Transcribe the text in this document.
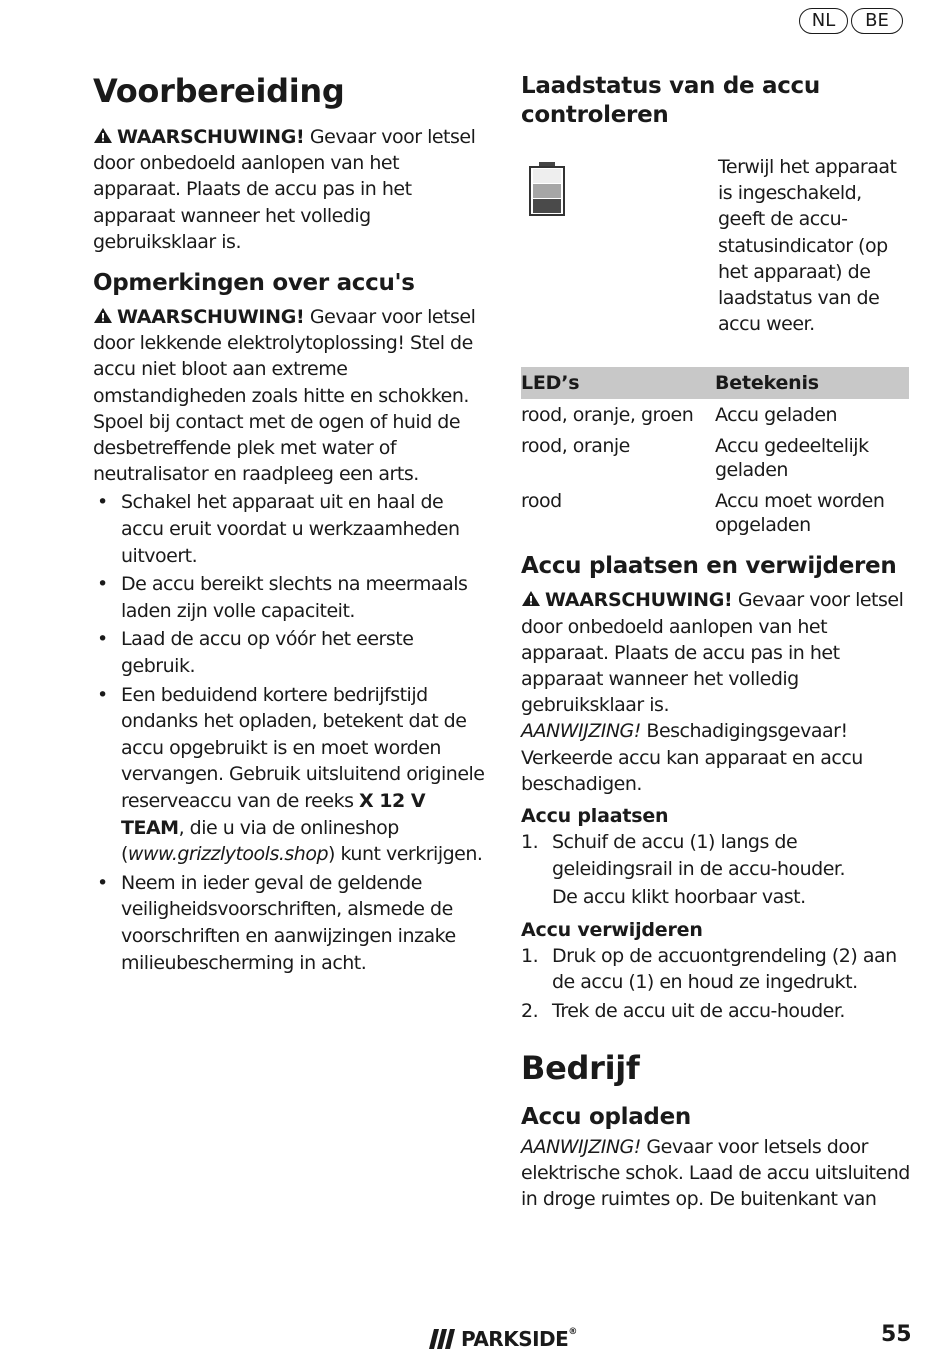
NL	BE
Voorbereiding

WAARSCHUWING! Gevaar voor letsel door onbedoeld aanlopen van het apparaat. Plaats de accu pas in het apparaat wanneer het volledig gebruiksklaar is.

Opmerkingen over accu's

WAARSCHUWING! Gevaar voor letsel door lekkende elektrolytoplossing! Stel de accu niet bloot aan extreme omstandigheden zoals hitte en schokken. Spoel bij contact met de ogen of huid de desbetreffende plek met water of neutralisator en raadpleeg een arts.

• Schakel het apparaat uit en haal de accu eruit voordat u werkzaamheden uitvoert.
• De accu bereikt slechts na meermaals laden zijn volle capaciteit.
• Laad de accu op vóór het eerste gebruik.
• Een beduidend kortere bedrijfstijd ondanks het opladen, betekent dat de accu opgebruikt is en moet worden vervangen. Gebruik uitsluitend originele reserveaccu van de reeks X 12 V TEAM, die u via de onlineshop (www.grizzlytools.shop) kunt verkrijgen.
• Neem in ieder geval de geldende veiligheidsvoorschriften, alsmede de voorschriften en aanwijzingen inzake milieubescherming in acht.
Laadstatus van de accu controleren

Terwijl het apparaat is ingeschakeld, geeft de accu-statusindicator (op het apparaat) de laadstatus van de accu weer.

LED’s	Betekenis
rood, oranje, groen	Accu geladen
rood, oranje	Accu gedeeltelijk geladen
rood	Accu moet worden opgeladen
Accu plaatsen en verwijderen

WAARSCHUWING! Gevaar voor letsel door onbedoeld aanlopen van het apparaat. Plaats de accu pas in het apparaat wanneer het volledig gebruiksklaar is.

AANWIJZING! Beschadigingsgevaar! Verkeerde accu kan apparaat en accu beschadigen.

Accu plaatsen
1. Schuif de accu (1) langs de geleidingsrail in de accu-houder.

De accu klikt hoorbaar vast.
Accu verwijderen
1. Druk op de accuontgrendeling (2) aan de accu (1) en houd ze ingedrukt.
2. Trek de accu uit de accu-houder.
Bedrijf
Accu opladen

AANWIJZING! Gevaar voor letsels door elektrische schok. Laad de accu uitsluitend in droge ruimtes op. De buitenkant van

PARKSIDE®	55
